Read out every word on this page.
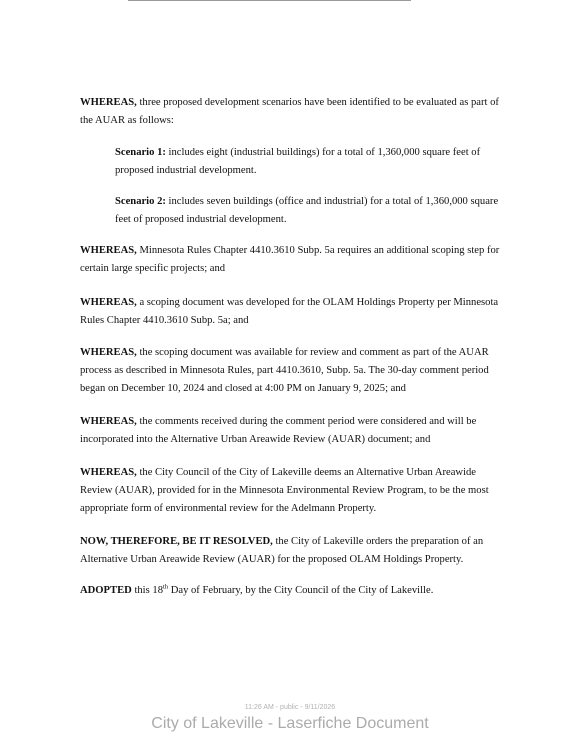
WHEREAS, three proposed development scenarios have been identified to be evaluated as part of the AUAR as follows:

Scenario 1: includes eight (industrial buildings) for a total of 1,360,000 square feet of proposed industrial development.

Scenario 2: includes seven buildings (office and industrial) for a total of 1,360,000 square feet of proposed industrial development.

WHEREAS, Minnesota Rules Chapter 4410.3610 Subp. 5a requires an additional scoping step for certain large specific projects; and

WHEREAS, a scoping document was developed for the OLAM Holdings Property per Minnesota Rules Chapter 4410.3610 Subp. 5a; and

WHEREAS, the scoping document was available for review and comment as part of the AUAR process as described in Minnesota Rules, part 4410.3610, Subp. 5a. The 30-day comment period began on December 10, 2024 and closed at 4:00 PM on January 9, 2025; and

WHEREAS, the comments received during the comment period were considered and will be incorporated into the Alternative Urban Areawide Review (AUAR) document; and

WHEREAS, the City Council of the City of Lakeville deems an Alternative Urban Areawide Review (AUAR), provided for in the Minnesota Environmental Review Program, to be the most appropriate form of environmental review for the Adelmann Property.

NOW, THEREFORE, BE IT RESOLVED, the City of Lakeville orders the preparation of an Alternative Urban Areawide Review (AUAR) for the proposed OLAM Holdings Property.

ADOPTED this 18th Day of February, by the City Council of the City of Lakeville.

11:26 AM - public - 9/11/2026
City of Lakeville - Laserfiche Document
